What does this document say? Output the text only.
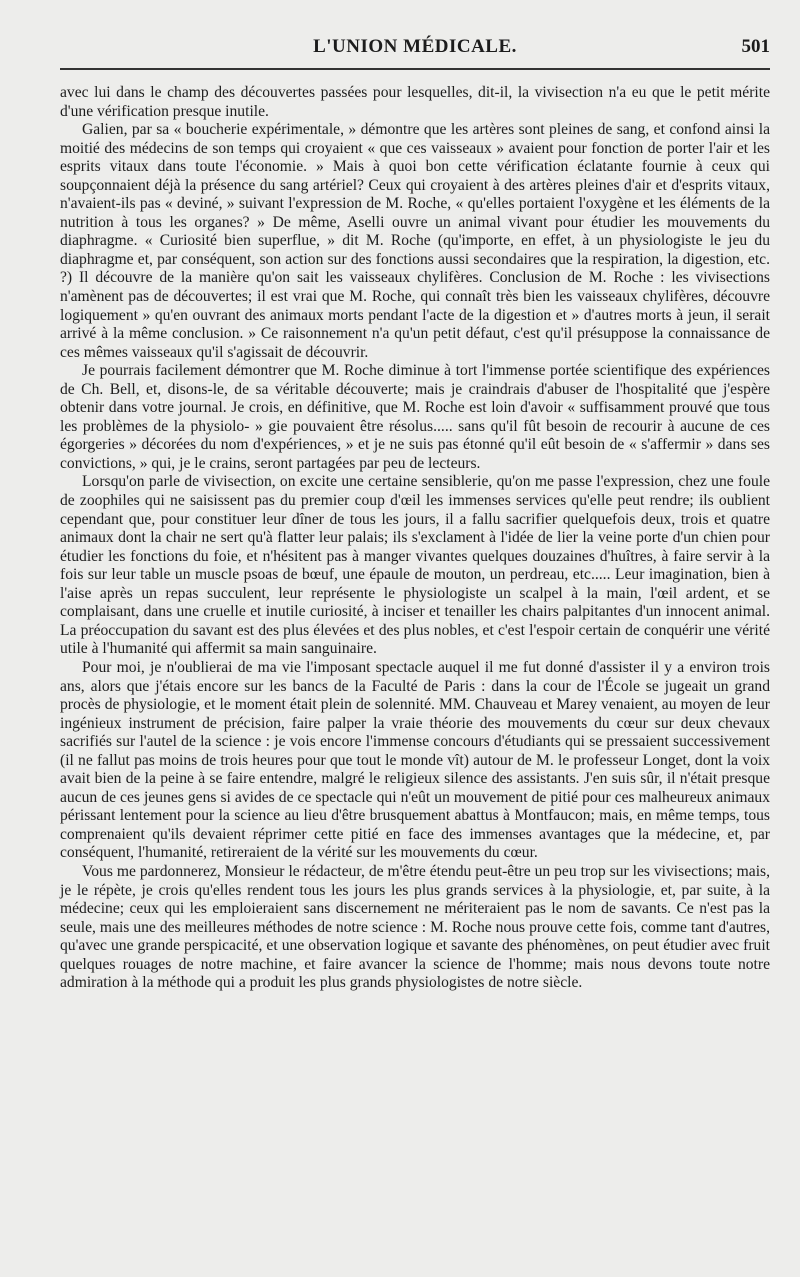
L'UNION MÉDICALE.	501

avec lui dans le champ des découvertes passées pour lesquelles, dit-il, la vivisection n'a eu que le petit mérite d'une vérification presque inutile.

Galien, par sa « boucherie expérimentale, » démontre que les artères sont pleines de sang, et confond ainsi la moitié des médecins de son temps qui croyaient « que ces vaisseaux » avaient pour fonction de porter l'air et les esprits vitaux dans toute l'économie. » Mais à quoi bon cette vérification éclatante fournie à ceux qui soupçonnaient déjà la présence du sang artériel? Ceux qui croyaient à des artères pleines d'air et d'esprits vitaux, n'avaient-ils pas « deviné, » suivant l'expression de M. Roche, « qu'elles portaient l'oxygène et les éléments de la nutrition à tous les organes? » De même, Aselli ouvre un animal vivant pour étudier les mouvements du diaphragme. « Curiosité bien superflue, » dit M. Roche (qu'importe, en effet, à un physiologiste le jeu du diaphragme et, par conséquent, son action sur des fonctions aussi secondaires que la respiration, la digestion, etc. ?) Il découvre de la manière qu'on sait les vaisseaux chylifères. Conclusion de M. Roche : les vivisections n'amènent pas de découvertes; il est vrai que M. Roche, qui connaît très bien les vaisseaux chylifères, découvre logiquement » qu'en ouvrant des animaux morts pendant l'acte de la digestion et » d'autres morts à jeun, il serait arrivé à la même conclusion. » Ce raisonnement n'a qu'un petit défaut, c'est qu'il présuppose la connaissance de ces mêmes vaisseaux qu'il s'agissait de découvrir.

Je pourrais facilement démontrer que M. Roche diminue à tort l'immense portée scientifique des expériences de Ch. Bell, et, disons-le, de sa véritable découverte; mais je craindrais d'abuser de l'hospitalité que j'espère obtenir dans votre journal. Je crois, en définitive, que M. Roche est loin d'avoir « suffisamment prouvé que tous les problèmes de la physiolo- » gie pouvaient être résolus..... sans qu'il fût besoin de recourir à aucune de ces égorgeries » décorées du nom d'expériences, » et je ne suis pas étonné qu'il eût besoin de « s'affermir » dans ses convictions, » qui, je le crains, seront partagées par peu de lecteurs.

Lorsqu'on parle de vivisection, on excite une certaine sensiblerie, qu'on me passe l'expression, chez une foule de zoophiles qui ne saisissent pas du premier coup d'œil les immenses services qu'elle peut rendre; ils oublient cependant que, pour constituer leur dîner de tous les jours, il a fallu sacrifier quelquefois deux, trois et quatre animaux dont la chair ne sert qu'à flatter leur palais; ils s'exclament à l'idée de lier la veine porte d'un chien pour étudier les fonctions du foie, et n'hésitent pas à manger vivantes quelques douzaines d'huîtres, à faire servir à la fois sur leur table un muscle psoas de bœuf, une épaule de mouton, un perdreau, etc..... Leur imagination, bien à l'aise après un repas succulent, leur représente le physiologiste un scalpel à la main, l'œil ardent, et se complaisant, dans une cruelle et inutile curiosité, à inciser et tenailler les chairs palpitantes d'un innocent animal. La préoccupation du savant est des plus élevées et des plus nobles, et c'est l'espoir certain de conquérir une vérité utile à l'humanité qui affermit sa main sanguinaire.

Pour moi, je n'oublierai de ma vie l'imposant spectacle auquel il me fut donné d'assister il y a environ trois ans, alors que j'étais encore sur les bancs de la Faculté de Paris : dans la cour de l'École se jugeait un grand procès de physiologie, et le moment était plein de solennité. MM. Chauveau et Marey venaient, au moyen de leur ingénieux instrument de précision, faire palper la vraie théorie des mouvements du cœur sur deux chevaux sacrifiés sur l'autel de la science : je vois encore l'immense concours d'étudiants qui se pressaient successivement (il ne fallut pas moins de trois heures pour que tout le monde vît) autour de M. le professeur Longet, dont la voix avait bien de la peine à se faire entendre, malgré le religieux silence des assistants. J'en suis sûr, il n'était presque aucun de ces jeunes gens si avides de ce spectacle qui n'eût un mouvement de pitié pour ces malheureux animaux périssant lentement pour la science au lieu d'être brusquement abattus à Montfaucon; mais, en même temps, tous comprenaient qu'ils devaient réprimer cette pitié en face des immenses avantages que la médecine, et, par conséquent, l'humanité, retireraient de la vérité sur les mouvements du cœur.

Vous me pardonnerez, Monsieur le rédacteur, de m'être étendu peut-être un peu trop sur les vivisections; mais, je le répète, je crois qu'elles rendent tous les jours les plus grands services à la physiologie, et, par suite, à la médecine; ceux qui les emploieraient sans discernement ne mériteraient pas le nom de savants. Ce n'est pas la seule, mais une des meilleures méthodes de notre science : M. Roche nous prouve cette fois, comme tant d'autres, qu'avec une grande perspicacité, et une observation logique et savante des phénomènes, on peut étudier avec fruit quelques rouages de notre machine, et faire avancer la science de l'homme; mais nous devons toute notre admiration à la méthode qui a produit les plus grands physiologistes de notre siècle.
